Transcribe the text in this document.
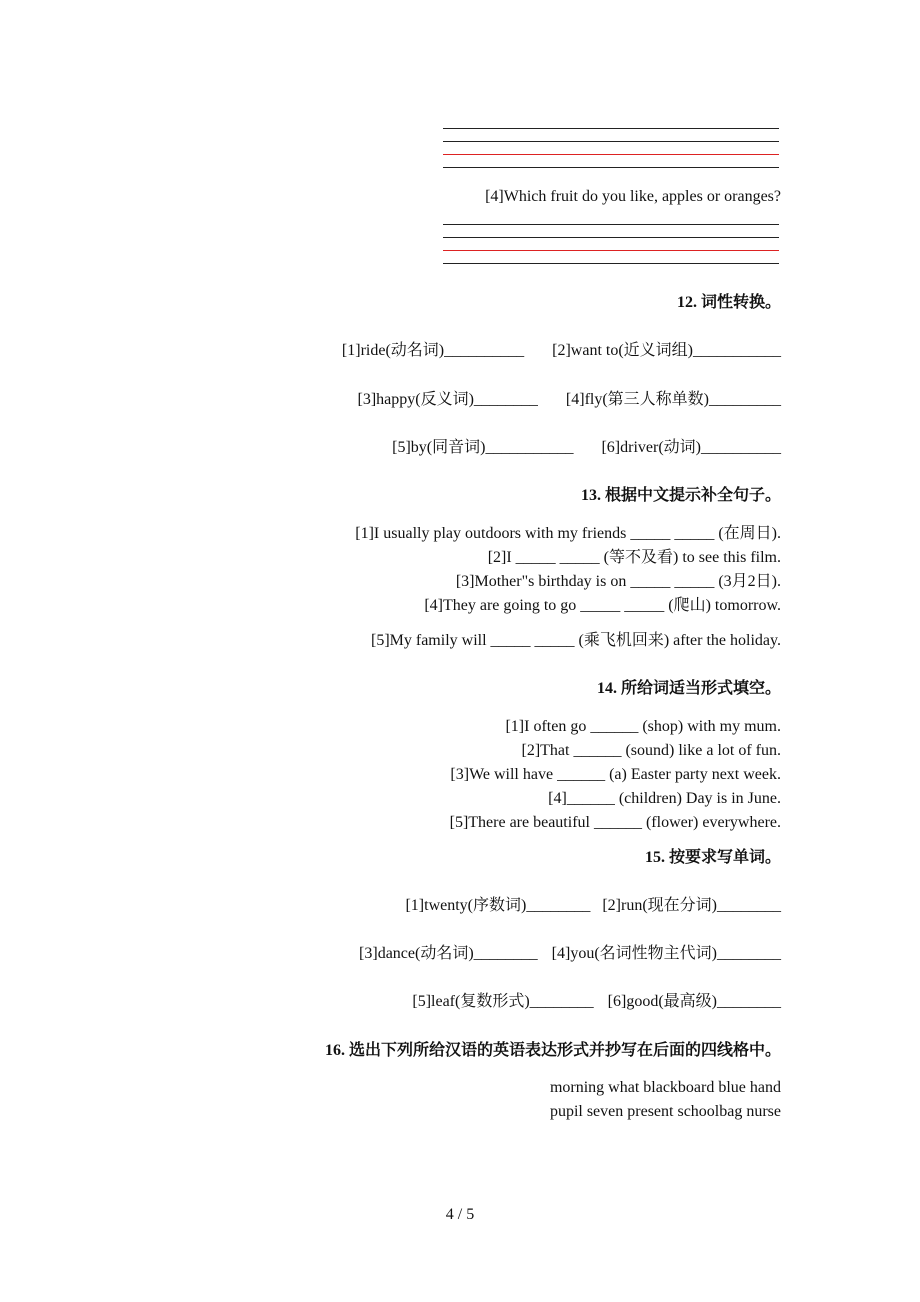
[4]Which fruit do you like, apples or oranges?
12. 词性转换。
[1]ride(动名词)__________ [2]want to(近义词组)___________
[3]happy(反义词)________ [4]fly(第三人称单数)_________
[5]by(同音词)___________ [6]driver(动词)__________
13. 根据中文提示补全句子。
[1]I usually play outdoors with my friends _____ _____ (在周日).
[2]I _____ _____ (等不及看) to see this film.
[3]Mother"s birthday is on _____ _____ (3月2日).
[4]They are going to go _____ _____ (爬山) tomorrow.
[5]My family will _____ _____ (乘飞机回来) after the holiday.
14. 所给词适当形式填空。
[1]I often go ______ (shop) with my mum.
[2]That ______ (sound) like a lot of fun.
[3]We will have ______ (a) Easter party next week.
[4]______ (children) Day is in June.
[5]There are beautiful ______ (flower) everywhere.
15. 按要求写单词。
[1]twenty(序数词)________ [2]run(现在分词)________
[3]dance(动名词)________ [4]you(名词性物主代词)________
[5]leaf(复数形式)________ [6]good(最高级)________
16. 选出下列所给汉语的英语表达形式并抄写在后面的四线格中。
morning what blackboard blue hand
pupil seven present schoolbag nurse
4 / 5
